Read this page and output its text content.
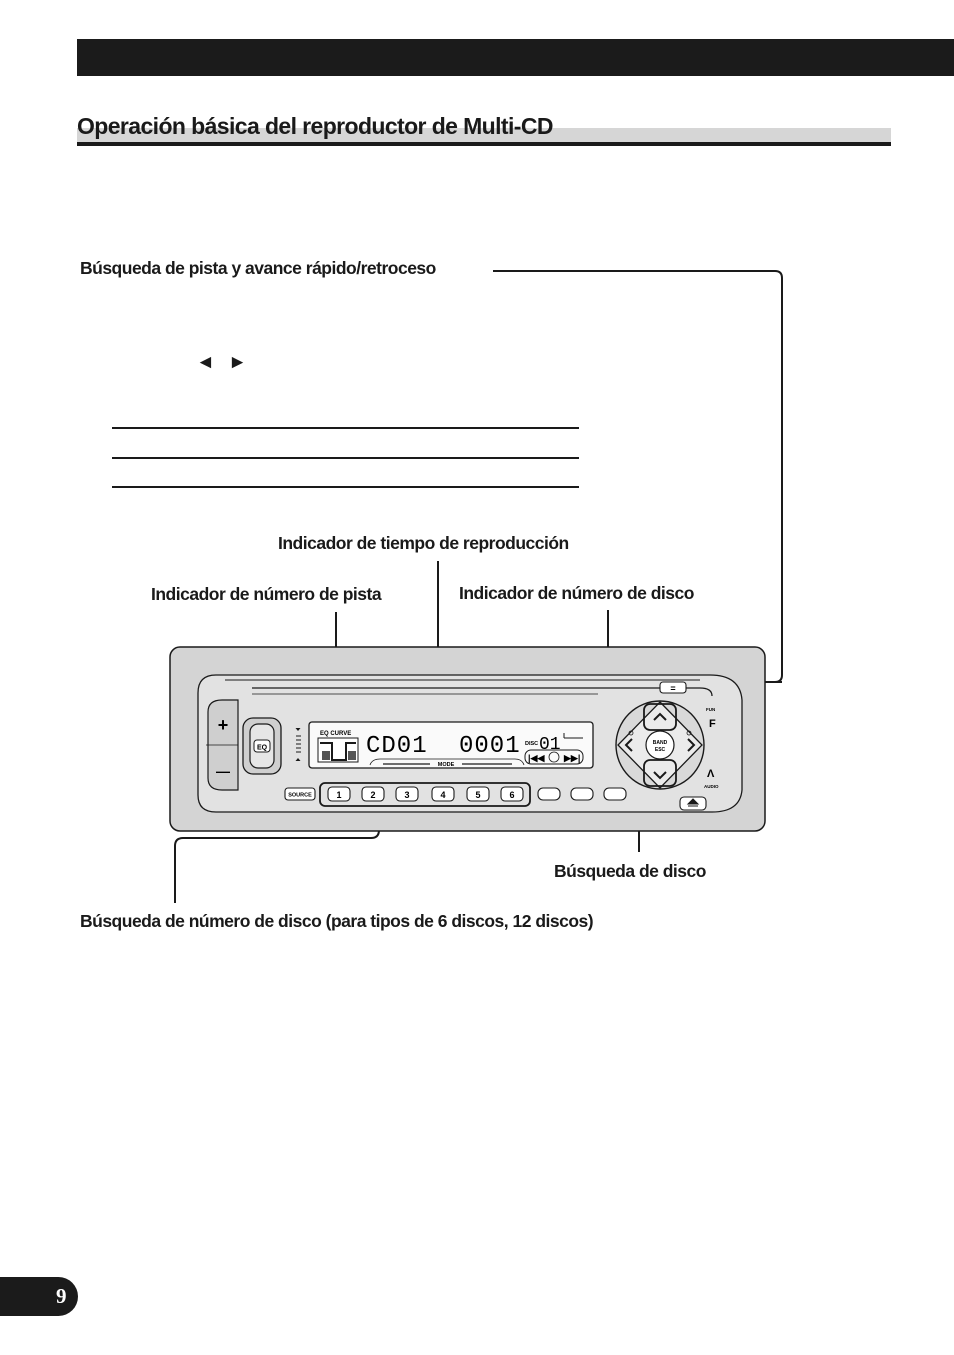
Operación básica del reproductor de Multi-CD
Búsqueda de pista y avance rápido/retroceso
◄ ►
Indicador de tiempo de reproducción
Indicador de número de pista	Indicador de número de disco
Búsqueda de disco
Búsqueda de número de disco (para tipos de 6 discos, 12 discos)
+
—
EQ
EQ CURVE CD01 0001 DISC 01
MODE
|◀◀ ▶▶|
SOURCE	1	2	3	4	5	6
BAND
ESC
=
FUN
F
Λ
AUDIO
9
